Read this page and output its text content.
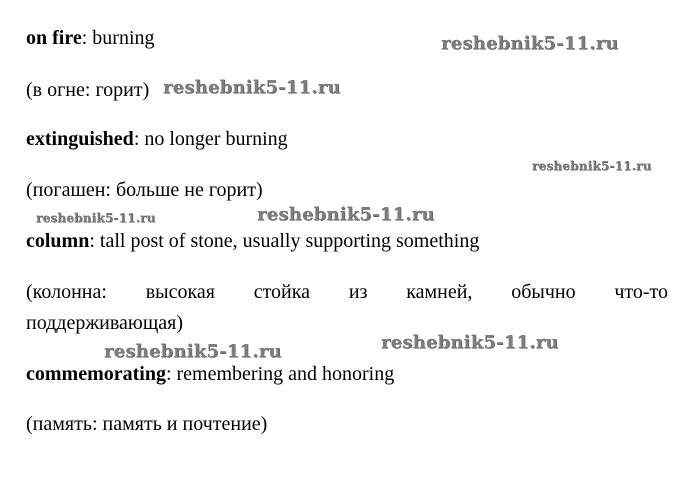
on fire: burning
(в огне: горит)
extinguished: no longer burning
(погашен: больше не горит)
column: tall post of stone, usually supporting something
(колонна: высокая стойка из камней, обычно что-то
поддерживающая)
commemorating: remembering and honoring
(память: память и почтение)
reshebnik5-11.ru
reshebnik5-11.ru
reshebnik5-11.ru
reshebnik5-11.ru	reshebnik5-11.ru
reshebnik5-11.ru
reshebnik5-11.ru
